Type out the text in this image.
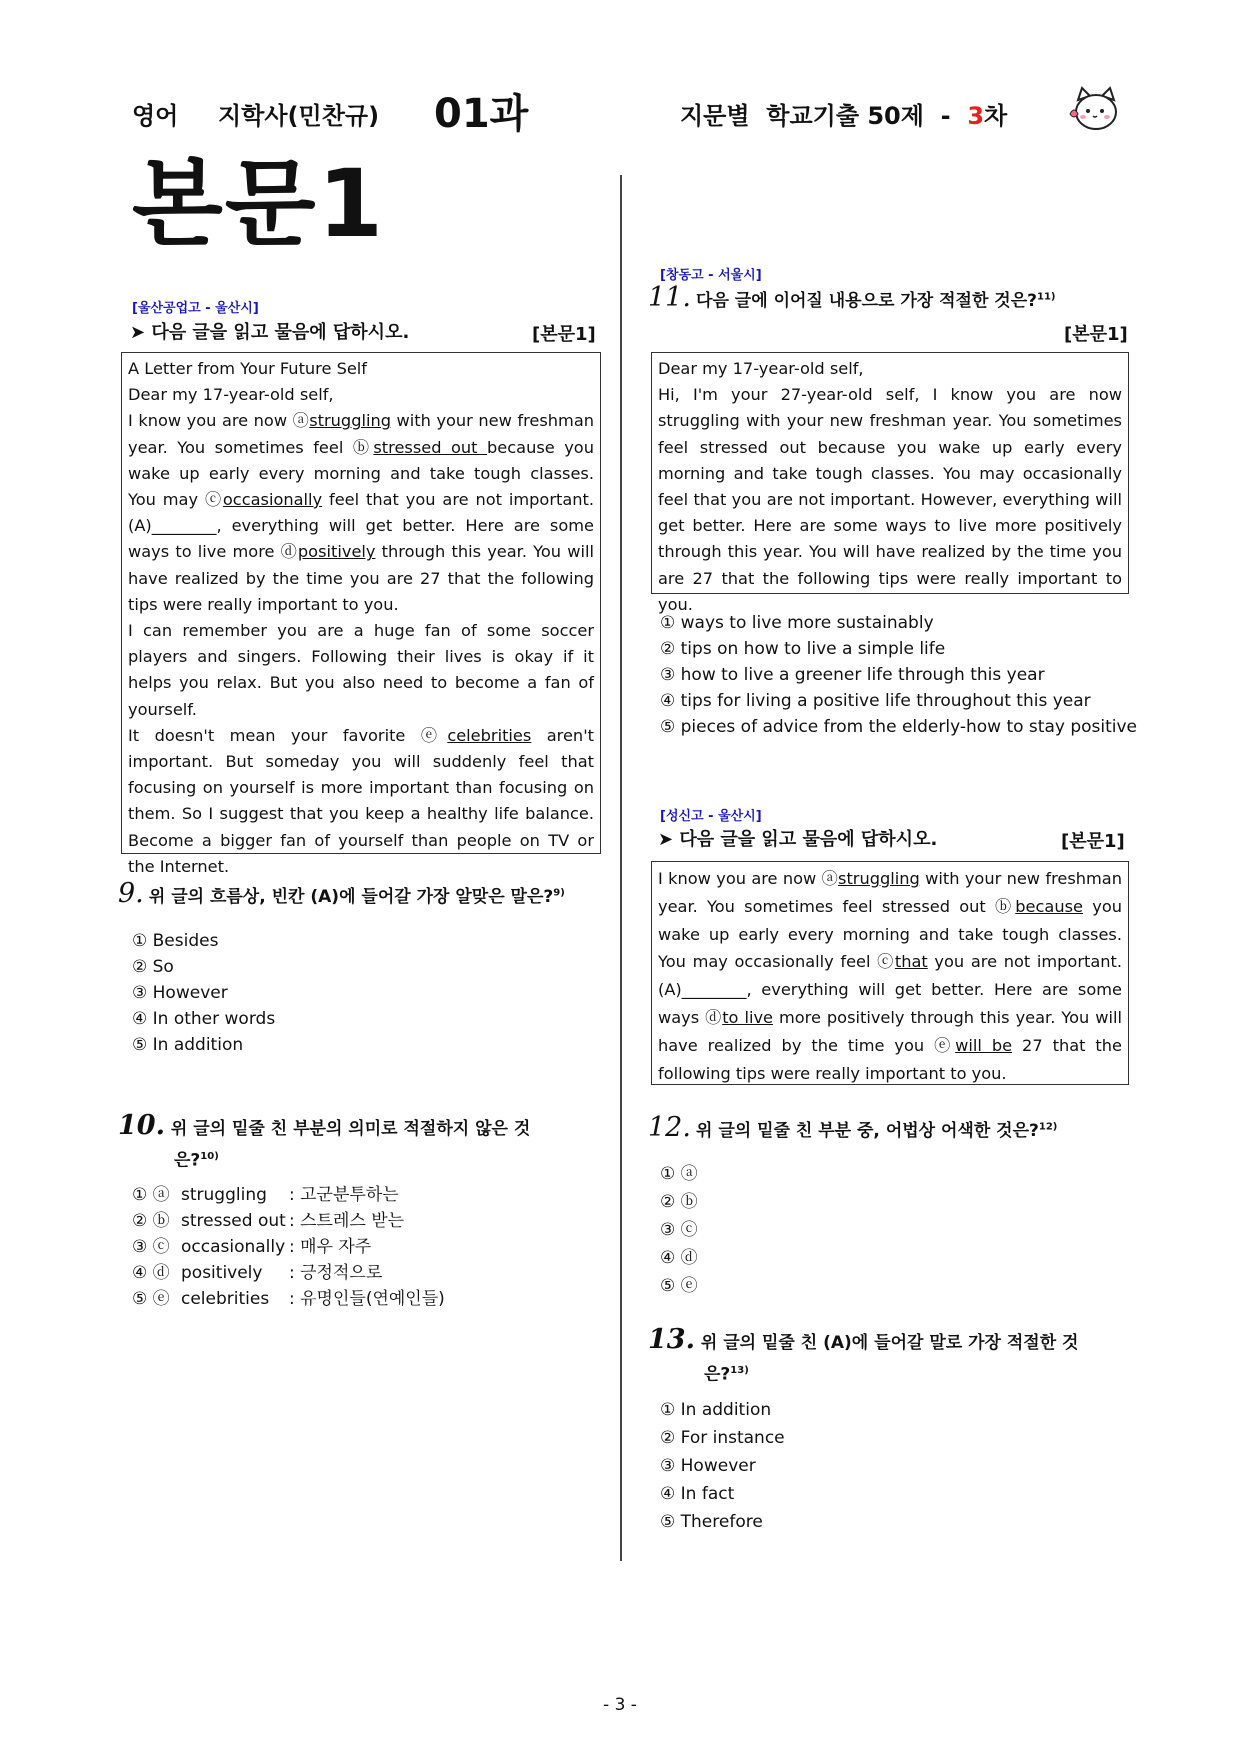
영어 지학사(민찬규) 01과	지문별  학교기출 50제  -  3차
본문1
[울산공업고 - 울산시]
➤ 다음 글을 읽고 물음에 답하시오.	[본문1]

A Letter from Your Future Self

Dear my 17-year-old self,

I know you are now ⓐstruggling with your new freshman year. You sometimes feel ⓑstressed out because you wake up early every morning and take tough classes. You may ⓒoccasionally feel that you are not important. (A)________, everything will get better. Here are some ways to live more ⓓpositively through this year. You will have realized by the time you are 27 that the following tips were really important to you.

I can remember you are a huge fan of some soccer players and singers. Following their lives is okay if it helps you relax. But you also need to become a fan of yourself.

It doesn't mean your favorite ⓔcelebrities aren't important. But someday you will suddenly feel that focusing on yourself is more important than focusing on them. So I suggest that you keep a healthy life balance. Become a bigger fan of yourself than people on TV or the Internet.

9. 위 글의 흐름상, 빈칸 (A)에 들어갈 가장 알맞은 말은?$^{9)}$
① Besides
② So
③ However
④ In other words
⑤ In addition
10. 위 글의 밑줄 친 부분의 의미로 적절하지 않은 것
은?$^{10)}$
① ⓐ struggling : 고군분투하는
② ⓑ stressed out : 스트레스 받는
③ ⓒ occasionally : 매우 자주
④ ⓓ positively : 긍정적으로
⑤ ⓔ celebrities : 유명인들(연예인들)
[창동고 - 서울시]
11. 다음 글에 이어질 내용으로 가장 적절한 것은?$^{11)}$
[본문1]

Dear my 17-year-old self,

Hi, I'm your 27-year-old self, I know you are now struggling with your new freshman year. You sometimes feel stressed out because you wake up early every morning and take tough classes. You may occasionally feel that you are not important. However, everything will get better. Here are some ways to live more positively through this year. You will have realized by the time you are 27 that the following tips were really important to you.

① ways to live more sustainably
② tips on how to live a simple life
③ how to live a greener life through this year
④ tips for living a positive life throughout this year
⑤ pieces of advice from the elderly-how to stay positive
[성신고 - 울산시]
➤ 다음 글을 읽고 물음에 답하시오.	[본문1]

I know you are now ⓐstruggling with your new freshman year. You sometimes feel stressed out ⓑbecause you wake up early every morning and take tough classes. You may occasionally feel ⓒthat you are not important. (A)________, everything will get better. Here are some ways ⓓto live more positively through this year. You will have realized by the time you ⓔwill be 27 that the following tips were really important to you.

12. 위 글의 밑줄 친 부분 중, 어법상 어색한 것은?$^{12)}$
① ⓐ
② ⓑ
③ ⓒ
④ ⓓ
⑤ ⓔ
13. 위 글의 밑줄 친 (A)에 들어갈 말로 가장 적절한 것
은?$^{13)}$
① In addition
② For instance
③ However
④ In fact
⑤ Therefore
- 3 -
